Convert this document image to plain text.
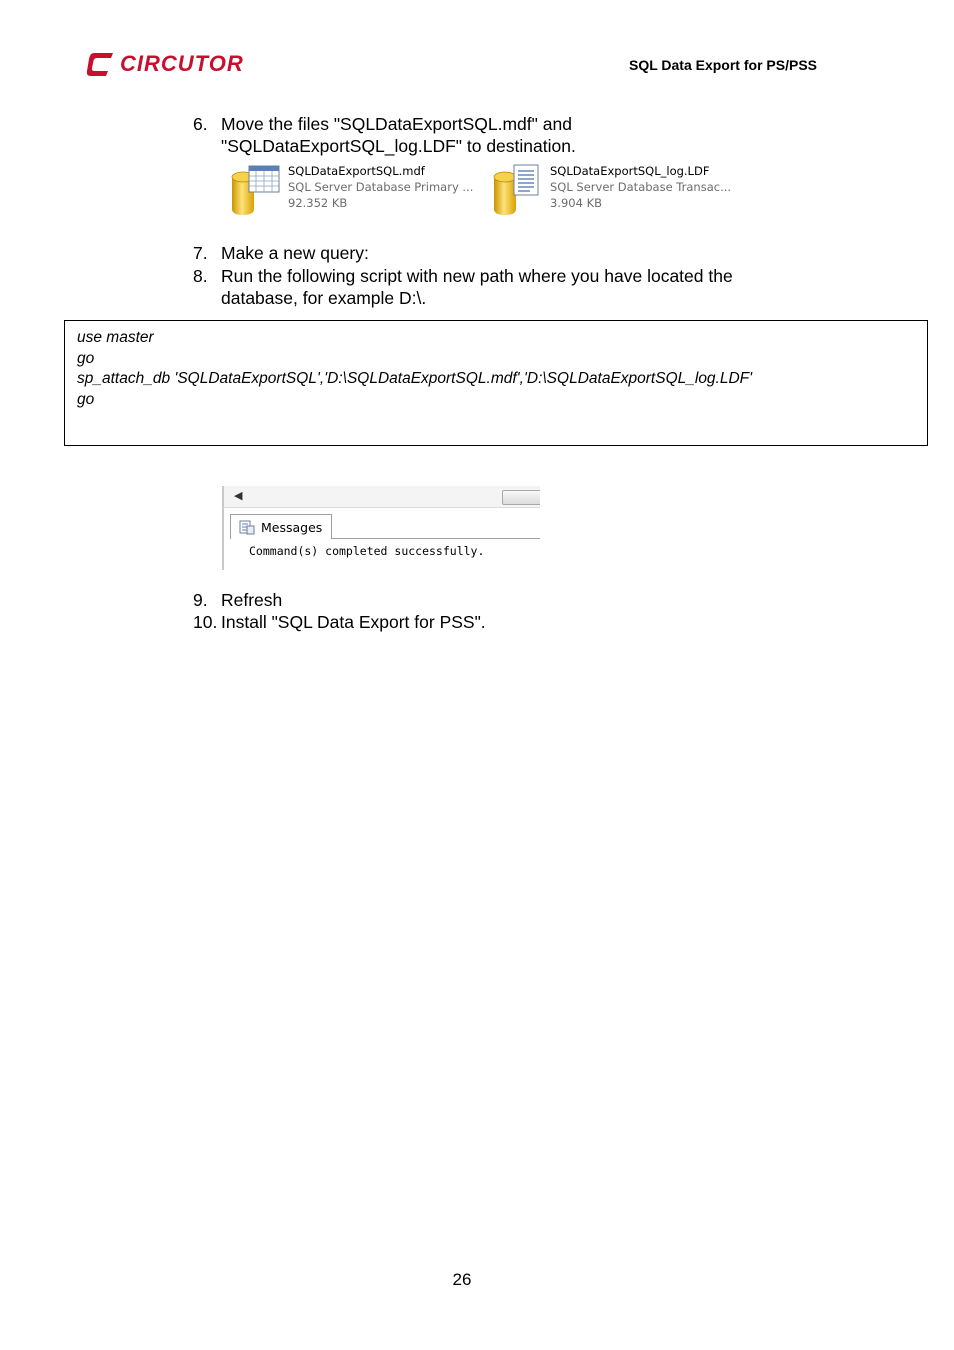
CIRCUTOR	SQL Data Export for PS/PSS
6. Move the files "SQLDataExportSQL.mdf" and "SQLDataExportSQL_log.LDF" to destination.
SQLDataExportSQL.mdf
SQL Server Database Primary ...
92.352 KB
SQLDataExportSQL_log.LDF
SQL Server Database Transac...
3.904 KB
7. Make a new query:
8. Run the following script with new path where you have located the database, for example D:\.
use master
go
sp_attach_db 'SQLDataExportSQL','D:\SQLDataExportSQL.mdf','D:\SQLDataExportSQL_log.LDF'
go
◀
Messages
Command(s) completed successfully.
9. Refresh
10. Install "SQL Data Export for PSS".
26
